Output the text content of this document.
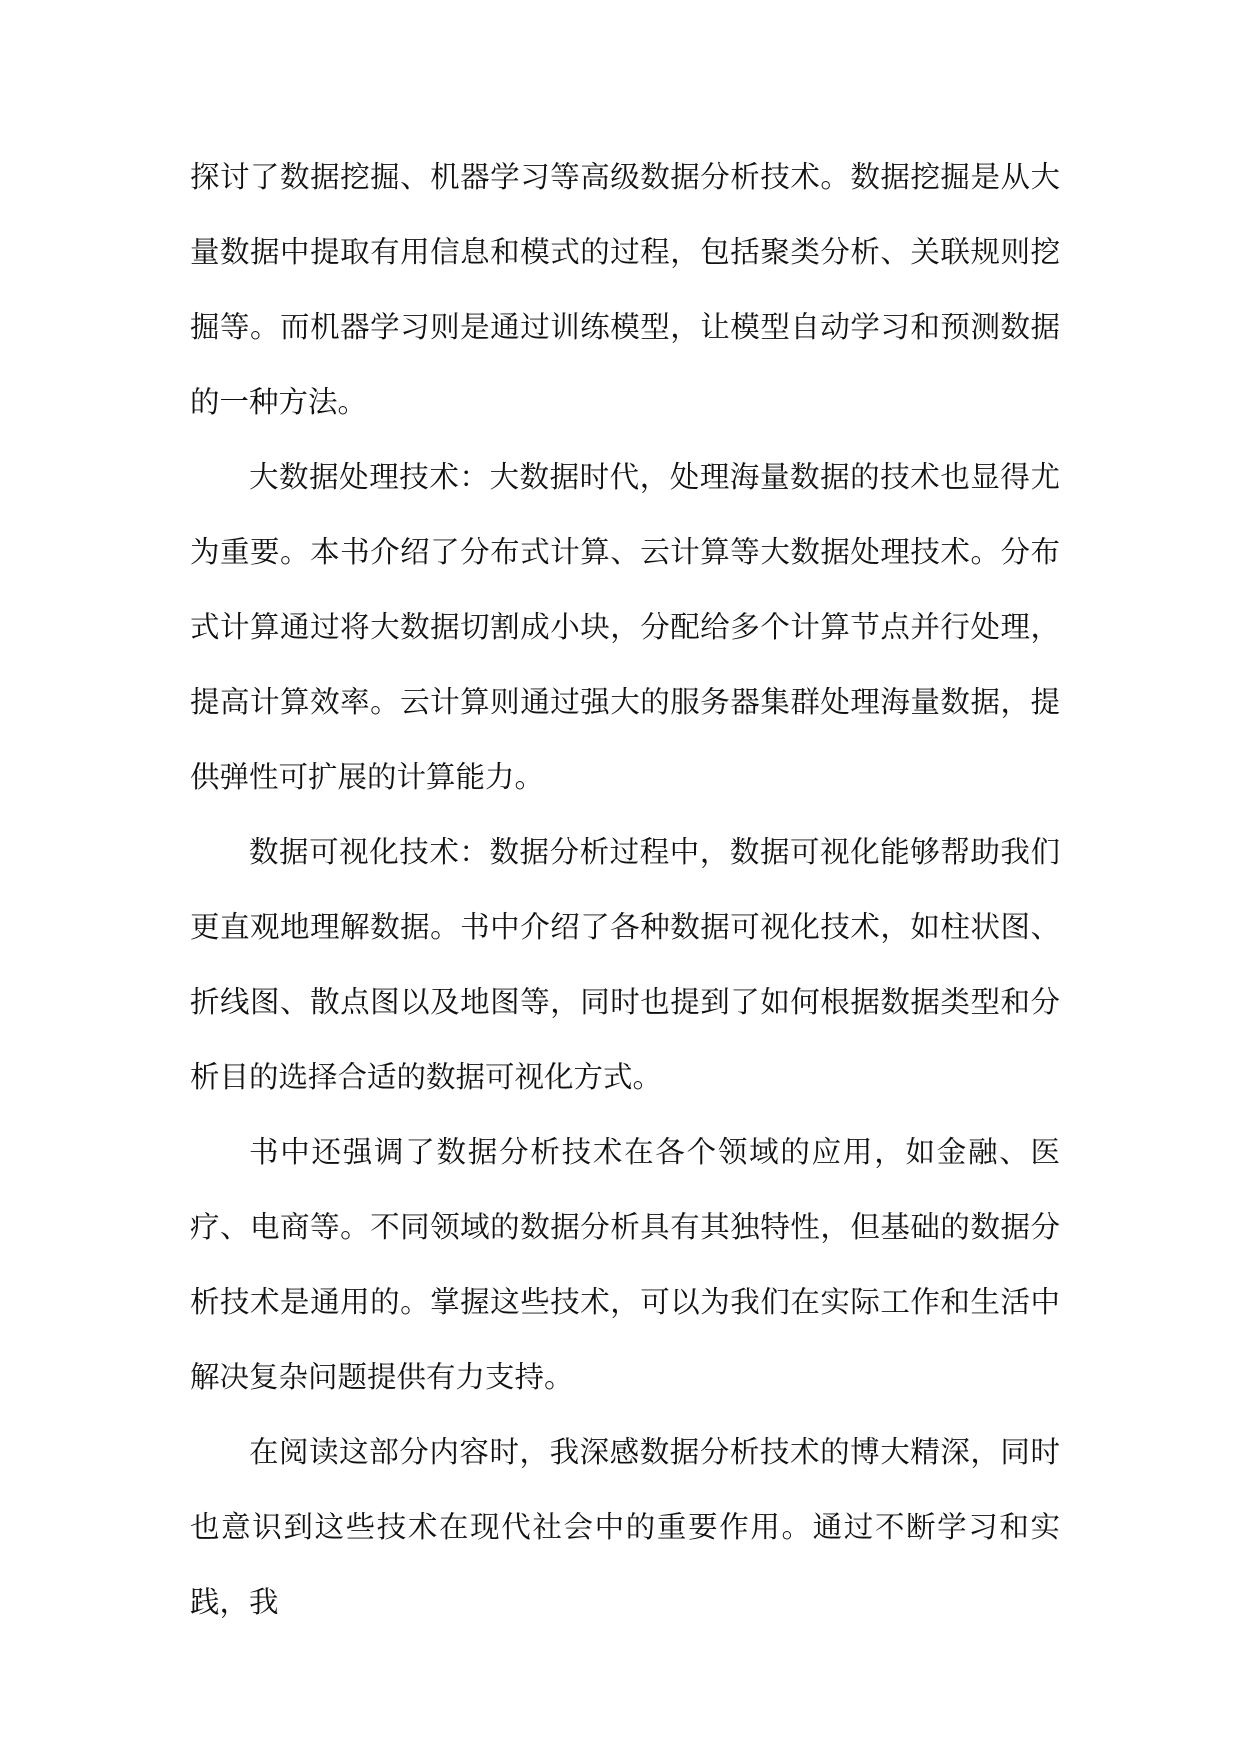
探讨了数据挖掘、机器学习等高级数据分析技术。数据挖掘是从大量数据中提取有用信息和模式的过程，包括聚类分析、关联规则挖掘等。而机器学习则是通过训练模型，让模型自动学习和预测数据的一种方法。

大数据处理技术：大数据时代，处理海量数据的技术也显得尤为重要。本书介绍了分布式计算、云计算等大数据处理技术。分布式计算通过将大数据切割成小块，分配给多个计算节点并行处理，提高计算效率。云计算则通过强大的服务器集群处理海量数据，提供弹性可扩展的计算能力。

数据可视化技术：数据分析过程中，数据可视化能够帮助我们更直观地理解数据。书中介绍了各种数据可视化技术，如柱状图、折线图、散点图以及地图等，同时也提到了如何根据数据类型和分析目的选择合适的数据可视化方式。

书中还强调了数据分析技术在各个领域的应用，如金融、医疗、电商等。不同领域的数据分析具有其独特性，但基础的数据分析技术是通用的。掌握这些技术，可以为我们在实际工作和生活中解决复杂问题提供有力支持。

在阅读这部分内容时，我深感数据分析技术的博大精深，同时也意识到这些技术在现代社会中的重要作用。通过不断学习和实践，我
